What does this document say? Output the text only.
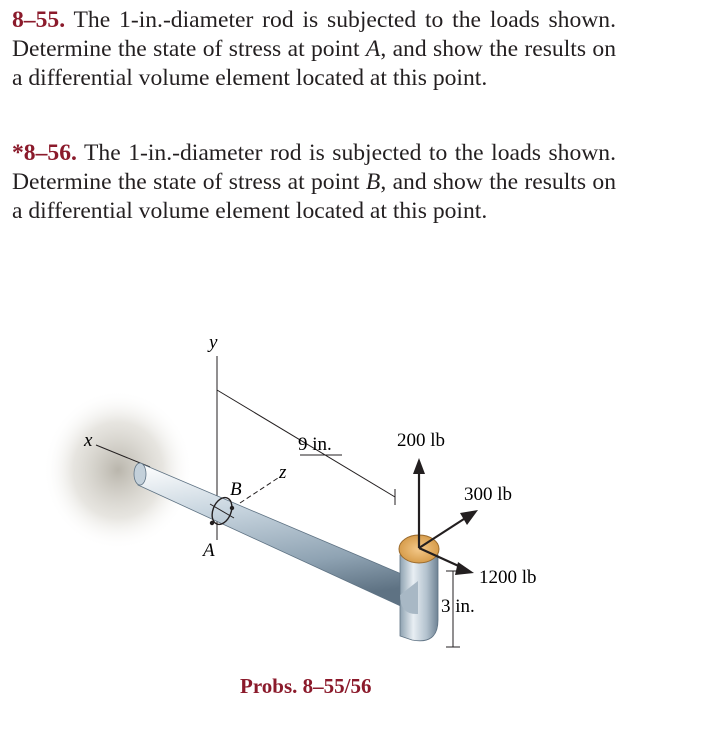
8–55. The 1-in.-diameter rod is subjected to the loads shown. Determine the state of stress at point A, and show the results on a differential volume element located at this point.
*8–56. The 1-in.-diameter rod is subjected to the loads shown. Determine the state of stress at point B, and show the results on a differential volume element located at this point.
y
x
z
B
A
9 in.	200 lb
300 lb
1200 lb
3 in.
Probs. 8–55/56
